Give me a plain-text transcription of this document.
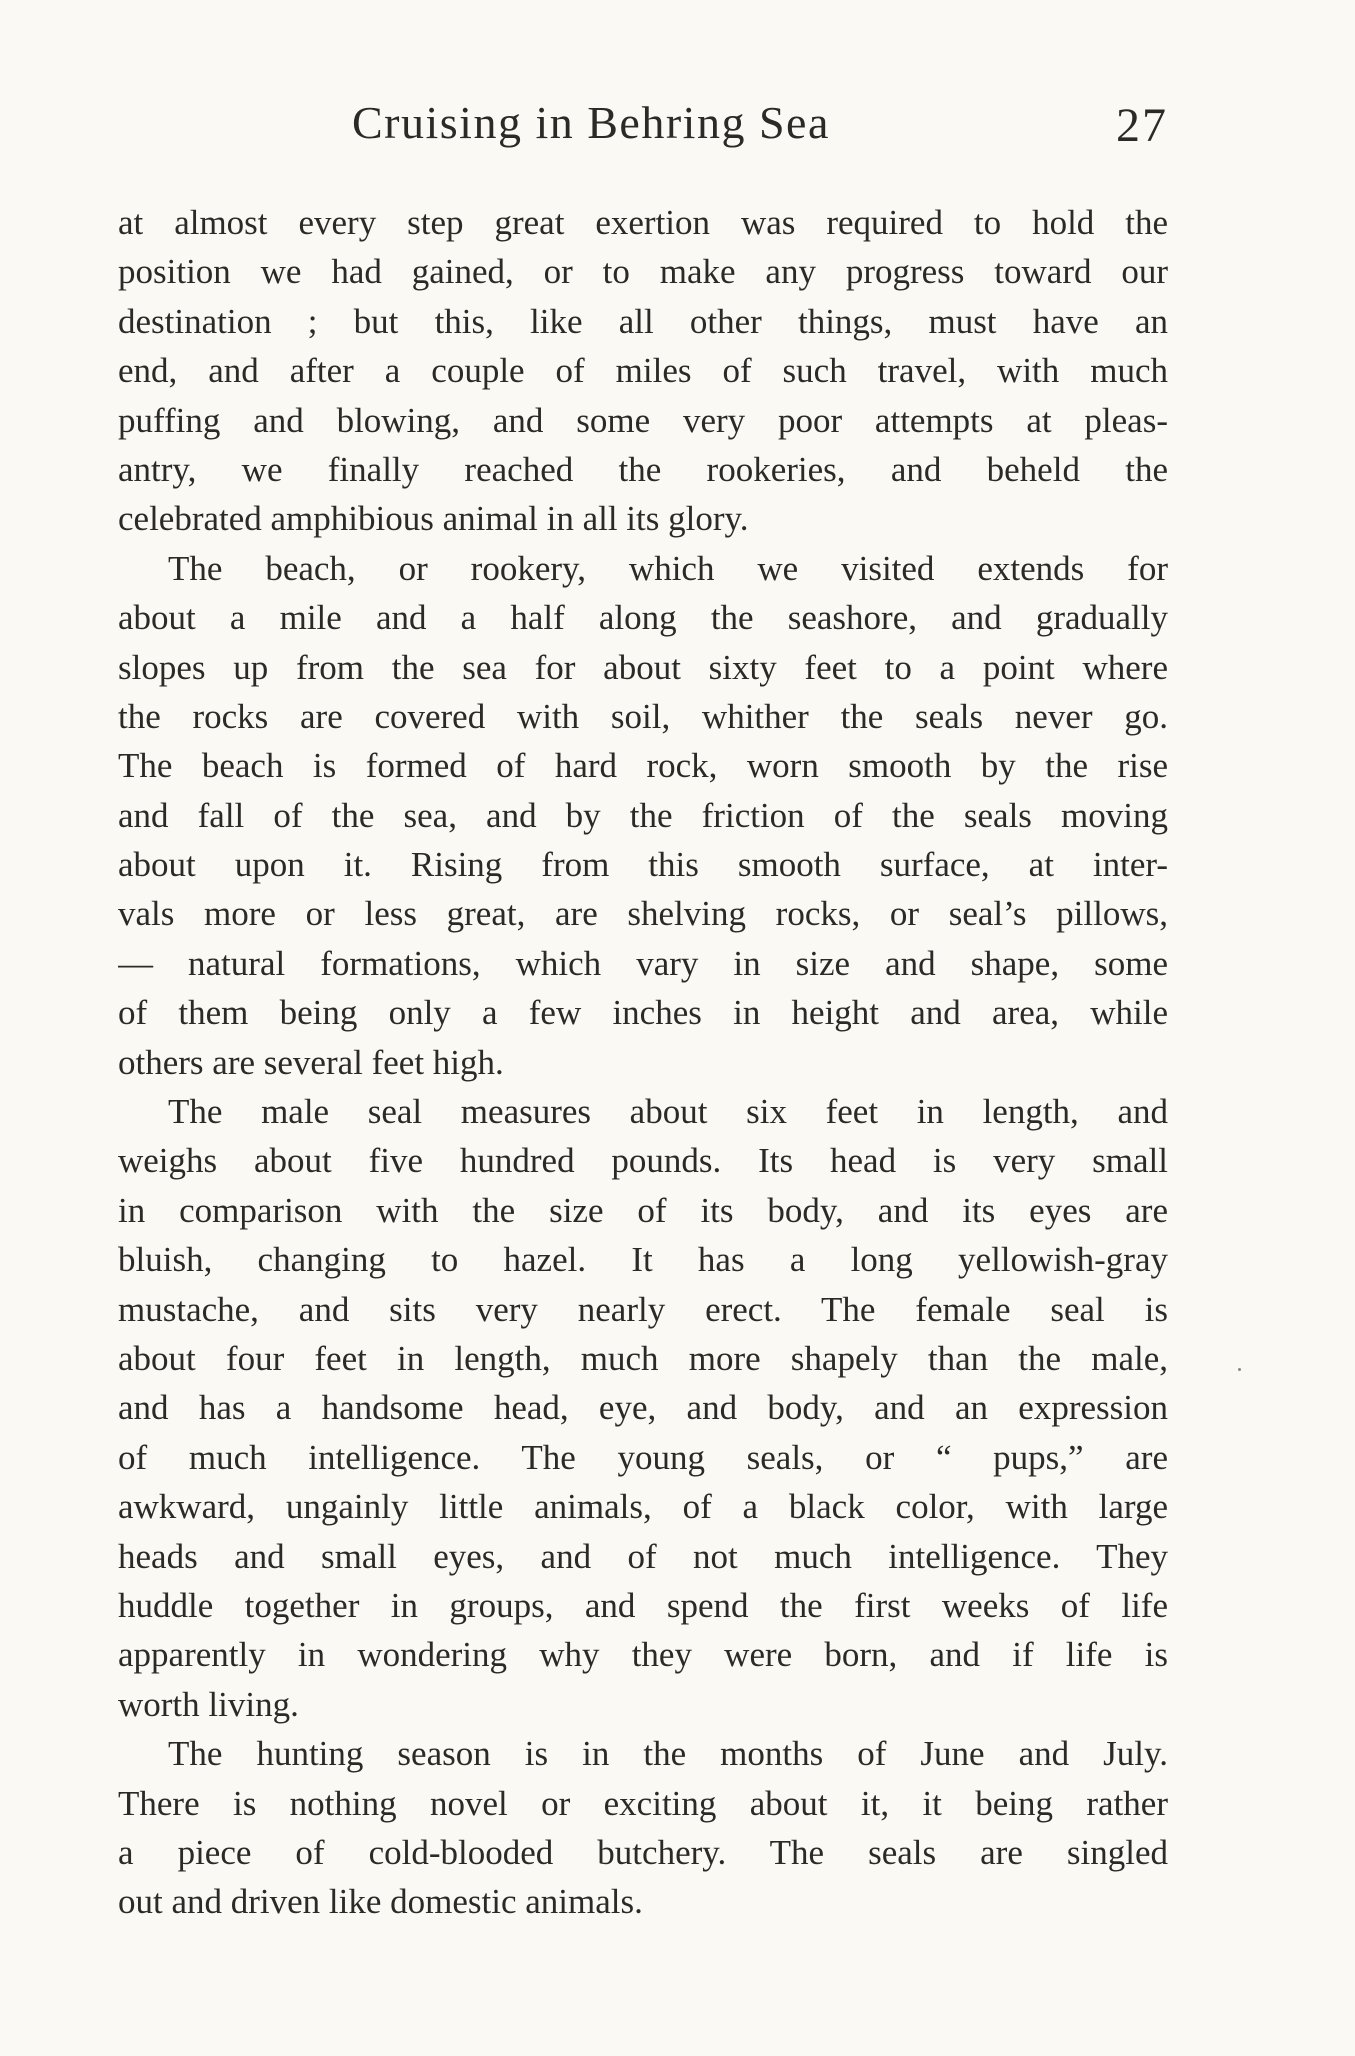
Cruising in Behring Sea	27
at almost every step great exertion was required to hold the
position we had gained, or to make any progress toward our
destination ; but this, like all other things, must have an
end, and after a couple of miles of such travel, with much
puffing and blowing, and some very poor attempts at pleas-
antry, we finally reached the rookeries, and beheld the
celebrated amphibious animal in all its glory.
The beach, or rookery, which we visited extends for
about a mile and a half along the seashore, and gradually
slopes up from the sea for about sixty feet to a point where
the rocks are covered with soil, whither the seals never go.
The beach is formed of hard rock, worn smooth by the rise
and fall of the sea, and by the friction of the seals moving
about upon it. Rising from this smooth surface, at inter-
vals more or less great, are shelving rocks, or seal’s pillows,
— natural formations, which vary in size and shape, some
of them being only a few inches in height and area, while
others are several feet high.
The male seal measures about six feet in length, and
weighs about five hundred pounds. Its head is very small
in comparison with the size of its body, and its eyes are
bluish, changing to hazel. It has a long yellowish-gray
mustache, and sits very nearly erect. The female seal is
about four feet in length, much more shapely than the male,
and has a handsome head, eye, and body, and an expression
of much intelligence. The young seals, or “ pups,” are
awkward, ungainly little animals, of a black color, with large
heads and small eyes, and of not much intelligence. They
huddle together in groups, and spend the first weeks of life
apparently in wondering why they were born, and if life is
worth living.
The hunting season is in the months of June and July.
There is nothing novel or exciting about it, it being rather
a piece of cold-blooded butchery. The seals are singled
out and driven like domestic animals.
